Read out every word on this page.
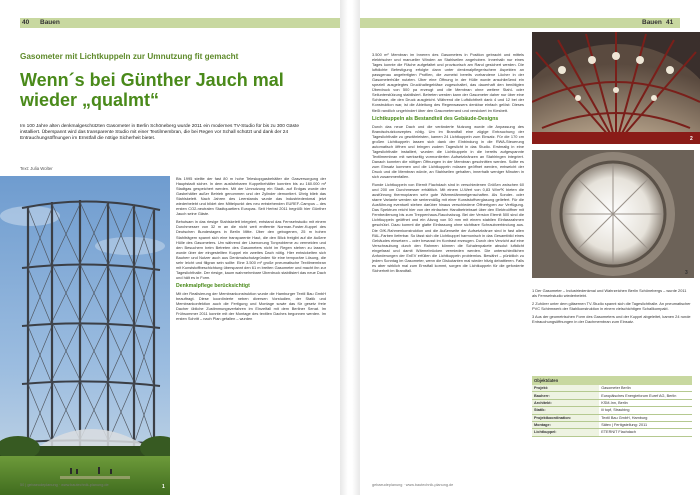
40 Bauen
Gasometer mit Lichtkuppeln zur Umnutzung fit gemacht
Wenn´s bei Günther Jauch mal wieder „qualmt“
Im 100 Jahre alten denkmalgeschützten Gasometer in Berlin Schöneberg wurde 2011 ein modernes TV-Studio für bis zu 300 Gäste installiert. Überspannt wird das transparente Studio mit einer Textilmembran, die bei Regen vor Schall schützt und dank der 24 Entrauchungsöffnungen im Ernstfall die nötige Sicherheit bietet.
Text: Julia Wolter
1

Bis 1995 stellte der fast 80 m hohe Teleskopgasbehälter die Gasversorgung der Hauptstadt sicher. In dem ausfahrbaren Kuppelbehälter konnten bis zu 160.000 m³ Stadtgas gespeichert werden. Mit der Umnutzung ein Stadt- auf Erdgas wurde der Gasbehälter außer Betrieb genommen und der Zylinder demontiert. Übrig blieb das Stahlskelett. Nach Jahren des Leerstands wurde das Industriedenkmal jetzt wiederbelebt und bildet den Mittelpunkt des neu entstehenden EUREF-Campus – des ersten CO2-neutralen Stadtquartiers Europas. Seit Herbst 2011 begrüßt hier Günther Jauch seine Gäste.

Behutsam in das riesige Stahlskelett integriert, entstand das Fernsehstudio mit einem Durchmesser von 32 m an die nicht weit entfernte Norman-Foster-Kuppel des Deutschen Bundestages in Berlin Mitte. Über den gebogenen, 25 m hohen Stahlträgern spannt sich eine transparente Haut, die den Blick freigibt auf die äußere Hülle des Gasometers. Um während der Lisenonung Tonprobleme zu vermeiden und den Besuchern beim Betreten des Gasometers nicht im Regen stehen zu lassen, wurde über der eingestellten Kuppel ein zweites Dach nötig. Hier entwickelten sich Bauherr und Nutzer auch aus Denkmalschutzgründen für eine temporäre Lösung, die sehr leicht und filigran sein sollte: Eine 3.500 m² große pneumatische Textilmembran mit Kunststoffbeschichtung überspannt den 61 m breiten Gasometer und macht ihn zur Tageslichthalle. Der riesige, kaum wahrnehmbare Überdruck stabilisiert das neue Dach und hält es in Form.

Denkmalpflege berücksichtigt

Mit der Realisierung der Membrankonstruktion wurde die Hamburger Textil Bau GmbH beauftragt. Diese koordinierte neben diversen Vorstudien, der Statik und Membrankonfektion auch die Fertigung und Montage sowie das für gesetz freie Dacher übliche Zustimmungsverfahren im Einzelfall mit dem Berliner Senat. Im Frühsommer 2011 konnte mit der Montage des textilen Daches begonnen werden. Im ersten Schritt – nach Plan gefallen – wurden

50 | gebaeudeplanung · www.bautechnik-planung.de
Bauen 41

3.500 m² Membran im Inneren des Gasometers in Position gebracht und mittels elektrischer und manueller Winden an Stahlseilen angehoben. Innerhalb nur eines Tages konnte die Fläche aufgefaltet und provisorisch am Rand gesichert werden. Die luftdichte Befestigung erfolgte dann unter denkmalpflegerischem Aspekten an passgenau angefertigten Profilen, die zumeist bereits vorhandene Löcher in der Gasometerhülle nutzten. Über eine Öffnung in der Hülle wurde anschließend ein speziell ausgelegtes Druckhaltegebläse zugeschaltet, das dauerhaft den benötigten Überdruck von 500 pa erzeugt und die Membran ohne weitere Stahl- oder Seilunterstützung stabilisiert. Betreten werden kann der Gasometer daher nur über eine Schleuse, die den Druck ausgleicht. Während die Luftdichtheit dank 4 und 12 bei der Konstruktion war, ist die Ableitung des Regenwassers denkbar einfach gelöst: Dieses fließt randlich ungehindert über den Gasometerrand und versickert im Kiesbett.

Lichtkuppeln als Bestandteil des Gebäude-Designs

Durch das neue Dach und die veränderte Nutzung wurde die Anpassung des Brandschutzkonzeptes nötig. Um im Brandfall eine zügige Entrauchung der Tageslichthalle zu gewährleisten, kamen 24 Lichtkuppeln zum Einsatz. Für die 170 cm großen Lichtkuppeln lassen sich dank der Einbindung in die RWA-Steuerung automatisch öffnen und bringen zudem Tageslicht in das Studio. Erstmalig in eine Tageslichthalle installiert, wurden die Lichtkuppeln in die bereits aufgespannte Textilmembran mit werkseitig vormontierten Aufsetzkränzen an Stahlringen integriert. Danach konnten die nötigen Öffnungen in der Membran geschnitten werden. Sollte es zum Einsatz kommen und die Lichtkuppeln müssen geöffnet werden, entweicht der Druck und die Membran würde, an Stahlseilen gehalten, innerhalb weniger Minuten in sich zusammenfallen.

Runde Lichtkuppeln von Eternit Flachdach sind in verschiedenen Größen zwischen 60 und 200 cm Durchmesser erhältlich. Mit einem U-Wert von 0,83 W/m²K bieten die ausführung thermoplanen sehr gute Wärmedämmeigenschaften. Als Sonder- oder starre Variante werden sie serienmäßig mit einer Kunststoffverglasung geliefert. Für die Ausführung eventuell stehen darüber hinaus verschiedene Öffnertypen zur Verfügung. Das Spektrum reicht hier von der einfachen Handbetriebsart über den Elektroöffner mit Fernbedienung bis zum Treppenhaus-Rauchabzug. Bei der Version Eternit 500 sind die Lichtkuppeln geöffnet und ein Abzug von 50 mm mit einem stabilen Einfassrahmen geschützt. Dazu kommt die glatte Einfassung ohne sichtbare Schraubverbindung aus. Die GfK-Rahmenkonstruktion und die Außenseite der Aufsetzkränze sind in fast allen RAL-Farben lieferbar. So lässt sich die Lichtkuppel harmonisch in das Gesamtbild eines Gebäudes einsetzen – oder bewusst im Kontrast erzeugen. Durch den Verzicht auf eine Verschraubung durch den Rahmen können die Schalenpakete absolut luftdicht eingefasst und damit Wärmebrücken vermieden werden. Die unterschiedlichen Anforderungen der EnEV erfüllen die Lichtkuppeln problemlos. Bewährt – pünktlich zu jedem Sonntag im Gasometer, wenn die Diskutanten mal wieder hitzig debattieren. Falls es aber wirklich mal zum Ernstfall kommt, sorgen die Lichtkuppeln für die geforderte Sicherheit im Brandfall.

2
3

1 Der Gasometer – Industriedenkmal und Wahrzeichen Berlin Schönebergs – wurde 2011 als Fernsehstudio wiederbelebt.

2 Zuhörer unter dem gläsernen TV-Studio spannt sich die Tageslichthalle. An pneumatischer PVC Schirmwerk der Stahlkonstruktion in einem vielschichtigen Schallkompakt.

3 Aus der geometrischen Form des Gasometers und der Kuppel abgeleitet, kamen 24 runde Entrauchungsöffnungen in der Dachmembran zum Einsatz.

Objektdaten
Projekt:	Gasometer Berlin
Bauherr:	Europäisches Energieforum Euref AG, Berlin
Architekt:	KSM-Inn, Berlin
Statik:	iii topf, Straubing
Projektkoordination:	Textil Bau GmbH, Hamburg
Montage:	Sätex | Fertigstellung: 2011
Lichtkuppel:	ETERNIT Flachdach
gebaeudeplanung · www.bautechnik-planung.de
